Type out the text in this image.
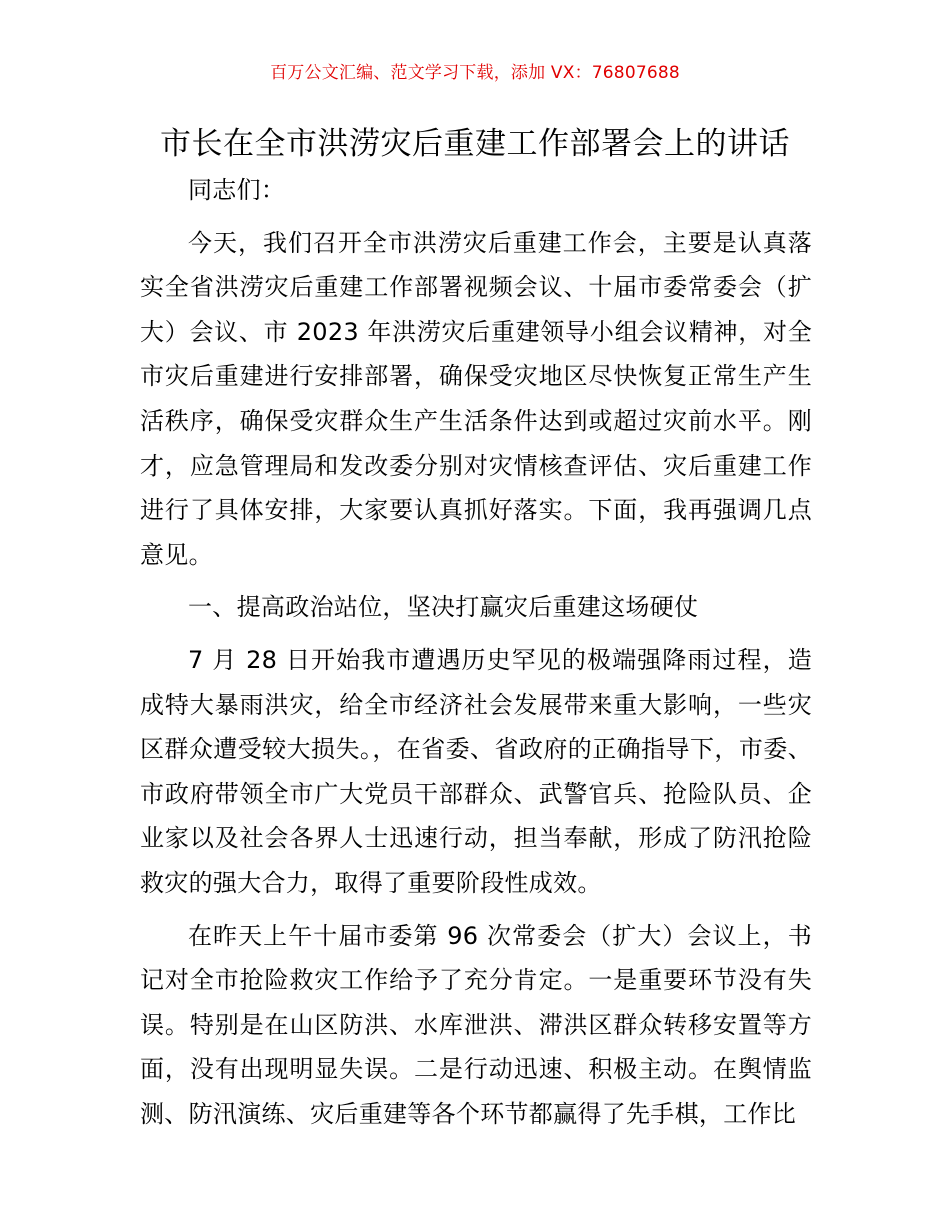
百万公文汇编、范文学习下载，添加 VX：76807688
市长在全市洪涝灾后重建工作部署会上的讲话

同志们：

今天，我们召开全市洪涝灾后重建工作会，主要是认真落实全省洪涝灾后重建工作部署视频会议、十届市委常委会（扩大）会议、市 2023 年洪涝灾后重建领导小组会议精神，对全市灾后重建进行安排部署，确保受灾地区尽快恢复正常生产生活秩序，确保受灾群众生产生活条件达到或超过灾前水平。刚才，应急管理局和发改委分别对灾情核查评估、灾后重建工作进行了具体安排，大家要认真抓好落实。下面，我再强调几点意见。

一、提高政治站位，坚决打赢灾后重建这场硬仗

7 月 28 日开始我市遭遇历史罕见的极端强降雨过程，造成特大暴雨洪灾，给全市经济社会发展带来重大影响，一些灾区群众遭受较大损失。，在省委、省政府的正确指导下，市委、市政府带领全市广大党员干部群众、武警官兵、抢险队员、企业家以及社会各界人士迅速行动，担当奉献，形成了防汛抢险救灾的强大合力，取得了重要阶段性成效。

在昨天上午十届市委第 96 次常委会（扩大）会议上，书记对全市抢险救灾工作给予了充分肯定。一是重要环节没有失误。特别是在山区防洪、水库泄洪、滞洪区群众转移安置等方面，没有出现明显失误。二是行动迅速、积极主动。在舆情监测、防汛演练、灾后重建等各个环节都赢得了先手棋，工作比
